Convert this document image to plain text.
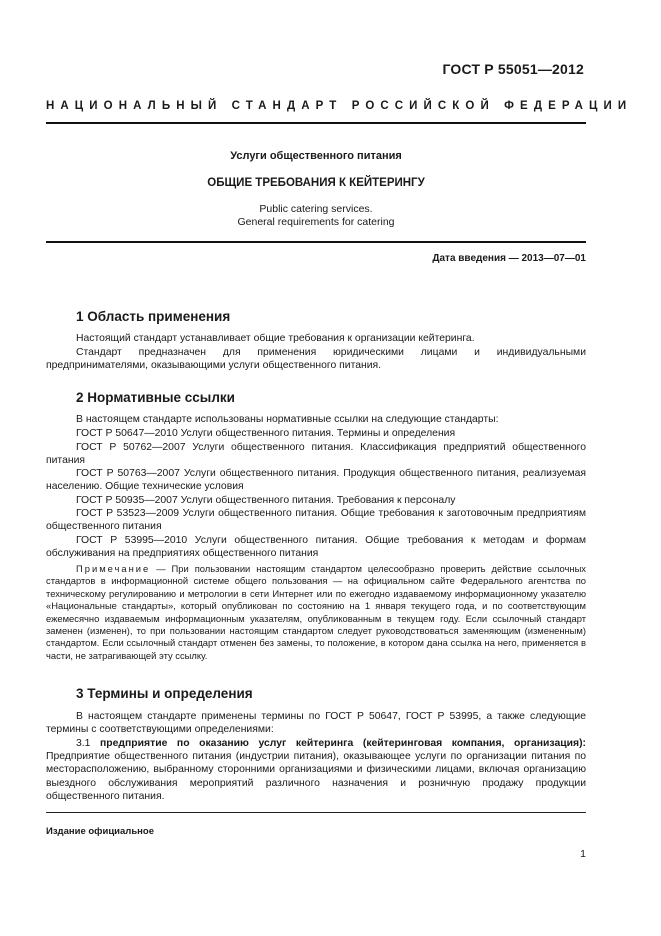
ГОСТ Р 55051—2012
НАЦИОНАЛЬНЫЙ СТАНДАРТ РОССИЙСКОЙ ФЕДЕРАЦИИ
Услуги общественного питания
ОБЩИЕ ТРЕБОВАНИЯ К КЕЙТЕРИНГУ
Public catering services.
General requirements for catering
Дата введения — 2013—07—01
1 Область применения
Настоящий стандарт устанавливает общие требования к организации кейтеринга.
Стандарт предназначен для применения юридическими лицами и индивидуальными предпринимателями, оказывающими услуги общественного питания.
2 Нормативные ссылки
В настоящем стандарте использованы нормативные ссылки на следующие стандарты:
ГОСТ Р 50647—2010 Услуги общественного питания. Термины и определения
ГОСТ Р 50762—2007 Услуги общественного питания. Классификация предприятий общественного питания
ГОСТ Р 50763—2007 Услуги общественного питания. Продукция общественного питания, реализуемая населению. Общие технические условия
ГОСТ Р 50935—2007 Услуги общественного питания. Требования к персоналу
ГОСТ Р 53523—2009 Услуги общественного питания. Общие требования к заготовочным предприятиям общественного питания
ГОСТ Р 53995—2010 Услуги общественного питания. Общие требования к методам и формам обслуживания на предприятиях общественного питания
Примечание — При пользовании настоящим стандартом целесообразно проверить действие ссылочных стандартов в информационной системе общего пользования — на официальном сайте Федерального агентства по техническому регулированию и метрологии в сети Интернет или по ежегодно издаваемому информационному указателю «Национальные стандарты», который опубликован по состоянию на 1 января текущего года, и по соответствующим ежемесячно издаваемым информационным указателям, опубликованным в текущем году. Если ссылочный стандарт заменен (изменен), то при пользовании настоящим стандартом следует руководствоваться заменяющим (измененным) стандартом. Если ссылочный стандарт отменен без замены, то положение, в котором дана ссылка на него, применяется в части, не затрагивающей эту ссылку.
3 Термины и определения
В настоящем стандарте применены термины по ГОСТ Р 50647, ГОСТ Р 53995, а также следующие термины с соответствующими определениями:
3.1 предприятие по оказанию услуг кейтеринга (кейтеринговая компания, организация): Предприятие общественного питания (индустрии питания), оказывающее услуги по организации питания по месторасположению, выбранному сторонними организациями и физическими лицами, включая организацию выездного обслуживания мероприятий различного назначения и розничную продажу продукции общественного питания.
Издание официальное
1
